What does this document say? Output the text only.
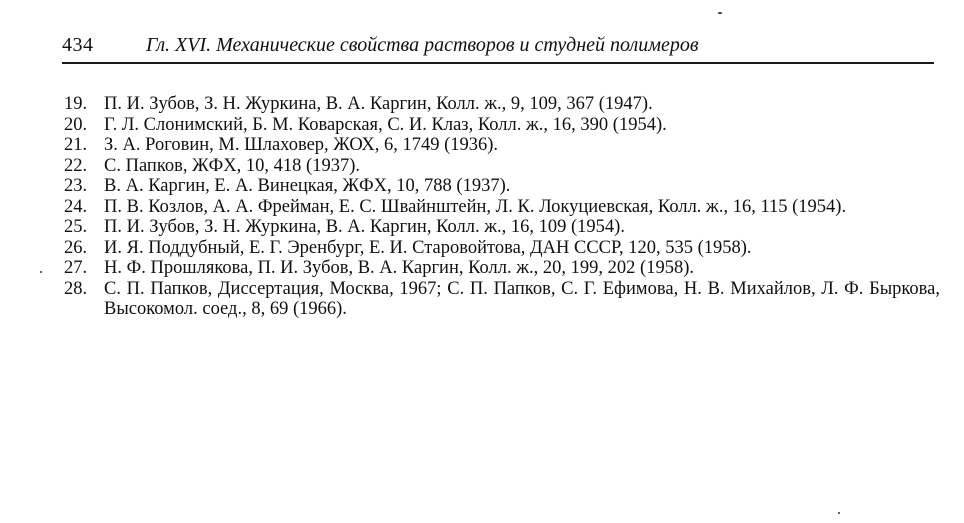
434	Гл. XVI. Механические свойства растворов и студней полимеров
19. П. И. Зубов, З. Н. Журкина, В. А. Каргин, Колл. ж., 9, 109, 367 (1947).
20. Г. Л. Слонимский, Б. М. Коварская, С. И. Клаз, Колл. ж., 16, 390 (1954).
21. З. А. Роговин, М. Шлаховер, ЖОХ, 6, 1749 (1936).
22. С. Папков, ЖФХ, 10, 418 (1937).
23. В. А. Каргин, Е. А. Винецкая, ЖФХ, 10, 788 (1937).
24. П. В. Козлов, А. А. Фрейман, Е. С. Швайнштейн, Л. К. Локуциевская, Колл. ж., 16, 115 (1954).
25. П. И. Зубов, З. Н. Журкина, В. А. Каргин, Колл. ж., 16, 109 (1954).
26. И. Я. Поддубный, Е. Г. Эренбург, Е. И. Старовойтова, ДАН СССР, 120, 535 (1958).
27. Н. Ф. Прошлякова, П. И. Зубов, В. А. Каргин, Колл. ж., 20, 199, 202 (1958).
28. С. П. Папков, Диссертация, Москва, 1967; С. П. Папков, С. Г. Ефимова, Н. В. Михайлов, Л. Ф. Быркова, Высокомол. соед., 8, 69 (1966).
